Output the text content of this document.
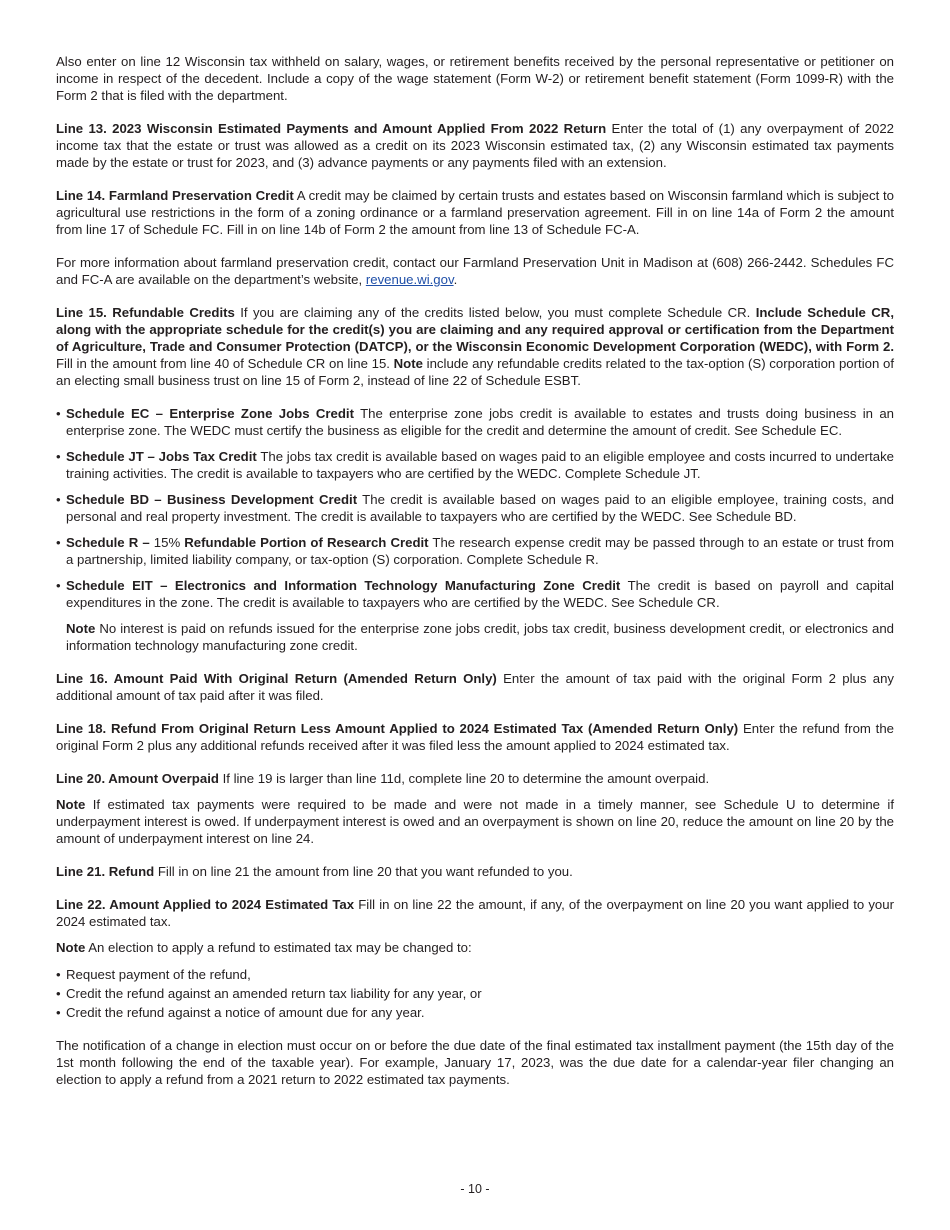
Also enter on line 12 Wisconsin tax withheld on salary, wages, or retirement benefits received by the personal representative or petitioner on income in respect of the decedent. Include a copy of the wage statement (Form W-2) or retirement benefit statement (Form 1099-R) with the Form 2 that is filed with the department.

Line 13. 2023 Wisconsin Estimated Payments and Amount Applied From 2022 Return Enter the total of (1) any overpayment of 2022 income tax that the estate or trust was allowed as a credit on its 2023 Wisconsin estimated tax, (2) any Wisconsin estimated tax payments made by the estate or trust for 2023, and (3) advance payments or any payments filed with an extension.

Line 14. Farmland Preservation Credit A credit may be claimed by certain trusts and estates based on Wisconsin farmland which is subject to agricultural use restrictions in the form of a zoning ordinance or a farmland preservation agreement. Fill in on line 14a of Form 2 the amount from line 17 of Schedule FC. Fill in on line 14b of Form 2 the amount from line 13 of Schedule FC-A.

For more information about farmland preservation credit, contact our Farmland Preservation Unit in Madison at (608) 266-2442. Schedules FC and FC-A are available on the department’s website, revenue.wi.gov.

Line 15. Refundable Credits If you are claiming any of the credits listed below, you must complete Schedule CR. Include Schedule CR, along with the appropriate schedule for the credit(s) you are claiming and any required approval or certification from the Department of Agriculture, Trade and Consumer Protection (DATCP), or the Wisconsin Economic Development Corporation (WEDC), with Form 2. Fill in the amount from line 40 of Schedule CR on line 15. Note include any refundable credits related to the tax-option (S) corporation portion of an electing small business trust on line 15 of Form 2, instead of line 22 of Schedule ESBT.

• Schedule EC – Enterprise Zone Jobs Credit The enterprise zone jobs credit is available to estates and trusts doing business in an enterprise zone. The WEDC must certify the business as eligible for the credit and determine the amount of credit. See Schedule EC.
• Schedule JT – Jobs Tax Credit The jobs tax credit is available based on wages paid to an eligible employee and costs incurred to undertake training activities. The credit is available to taxpayers who are certified by the WEDC. Complete Schedule JT.
• Schedule BD – Business Development Credit The credit is available based on wages paid to an eligible employee, training costs, and personal and real property investment. The credit is available to taxpayers who are certified by the WEDC. See Schedule BD.
• Schedule R – 15% Refundable Portion of Research Credit The research expense credit may be passed through to an estate or trust from a partnership, limited liability company, or tax-option (S) corporation. Complete Schedule R.
• Schedule EIT – Electronics and Information Technology Manufacturing Zone Credit The credit is based on payroll and capital expenditures in the zone. The credit is available to taxpayers who are certified by the WEDC. See Schedule CR.

Note No interest is paid on refunds issued for the enterprise zone jobs credit, jobs tax credit, business development credit, or electronics and information technology manufacturing zone credit.

Line 16. Amount Paid With Original Return (Amended Return Only) Enter the amount of tax paid with the original Form 2 plus any additional amount of tax paid after it was filed.

Line 18. Refund From Original Return Less Amount Applied to 2024 Estimated Tax (Amended Return Only) Enter the refund from the original Form 2 plus any additional refunds received after it was filed less the amount applied to 2024 estimated tax.

Line 20. Amount Overpaid If line 19 is larger than line 11d, complete line 20 to determine the amount overpaid.

Note If estimated tax payments were required to be made and were not made in a timely manner, see Schedule U to determine if underpayment interest is owed. If underpayment interest is owed and an overpayment is shown on line 20, reduce the amount on line 20 by the amount of underpayment interest on line 24.

Line 21. Refund Fill in on line 21 the amount from line 20 that you want refunded to you.

Line 22. Amount Applied to 2024 Estimated Tax Fill in on line 22 the amount, if any, of the overpayment on line 20 you want applied to your 2024 estimated tax.

Note An election to apply a refund to estimated tax may be changed to:

• Request payment of the refund,
• Credit the refund against an amended return tax liability for any year, or
• Credit the refund against a notice of amount due for any year.

The notification of a change in election must occur on or before the due date of the final estimated tax installment payment (the 15th day of the 1st month following the end of the taxable year). For example, January 17, 2023, was the due date for a calendar-year filer changing an election to apply a refund from a 2021 return to 2022 estimated tax payments.

- 10 -
